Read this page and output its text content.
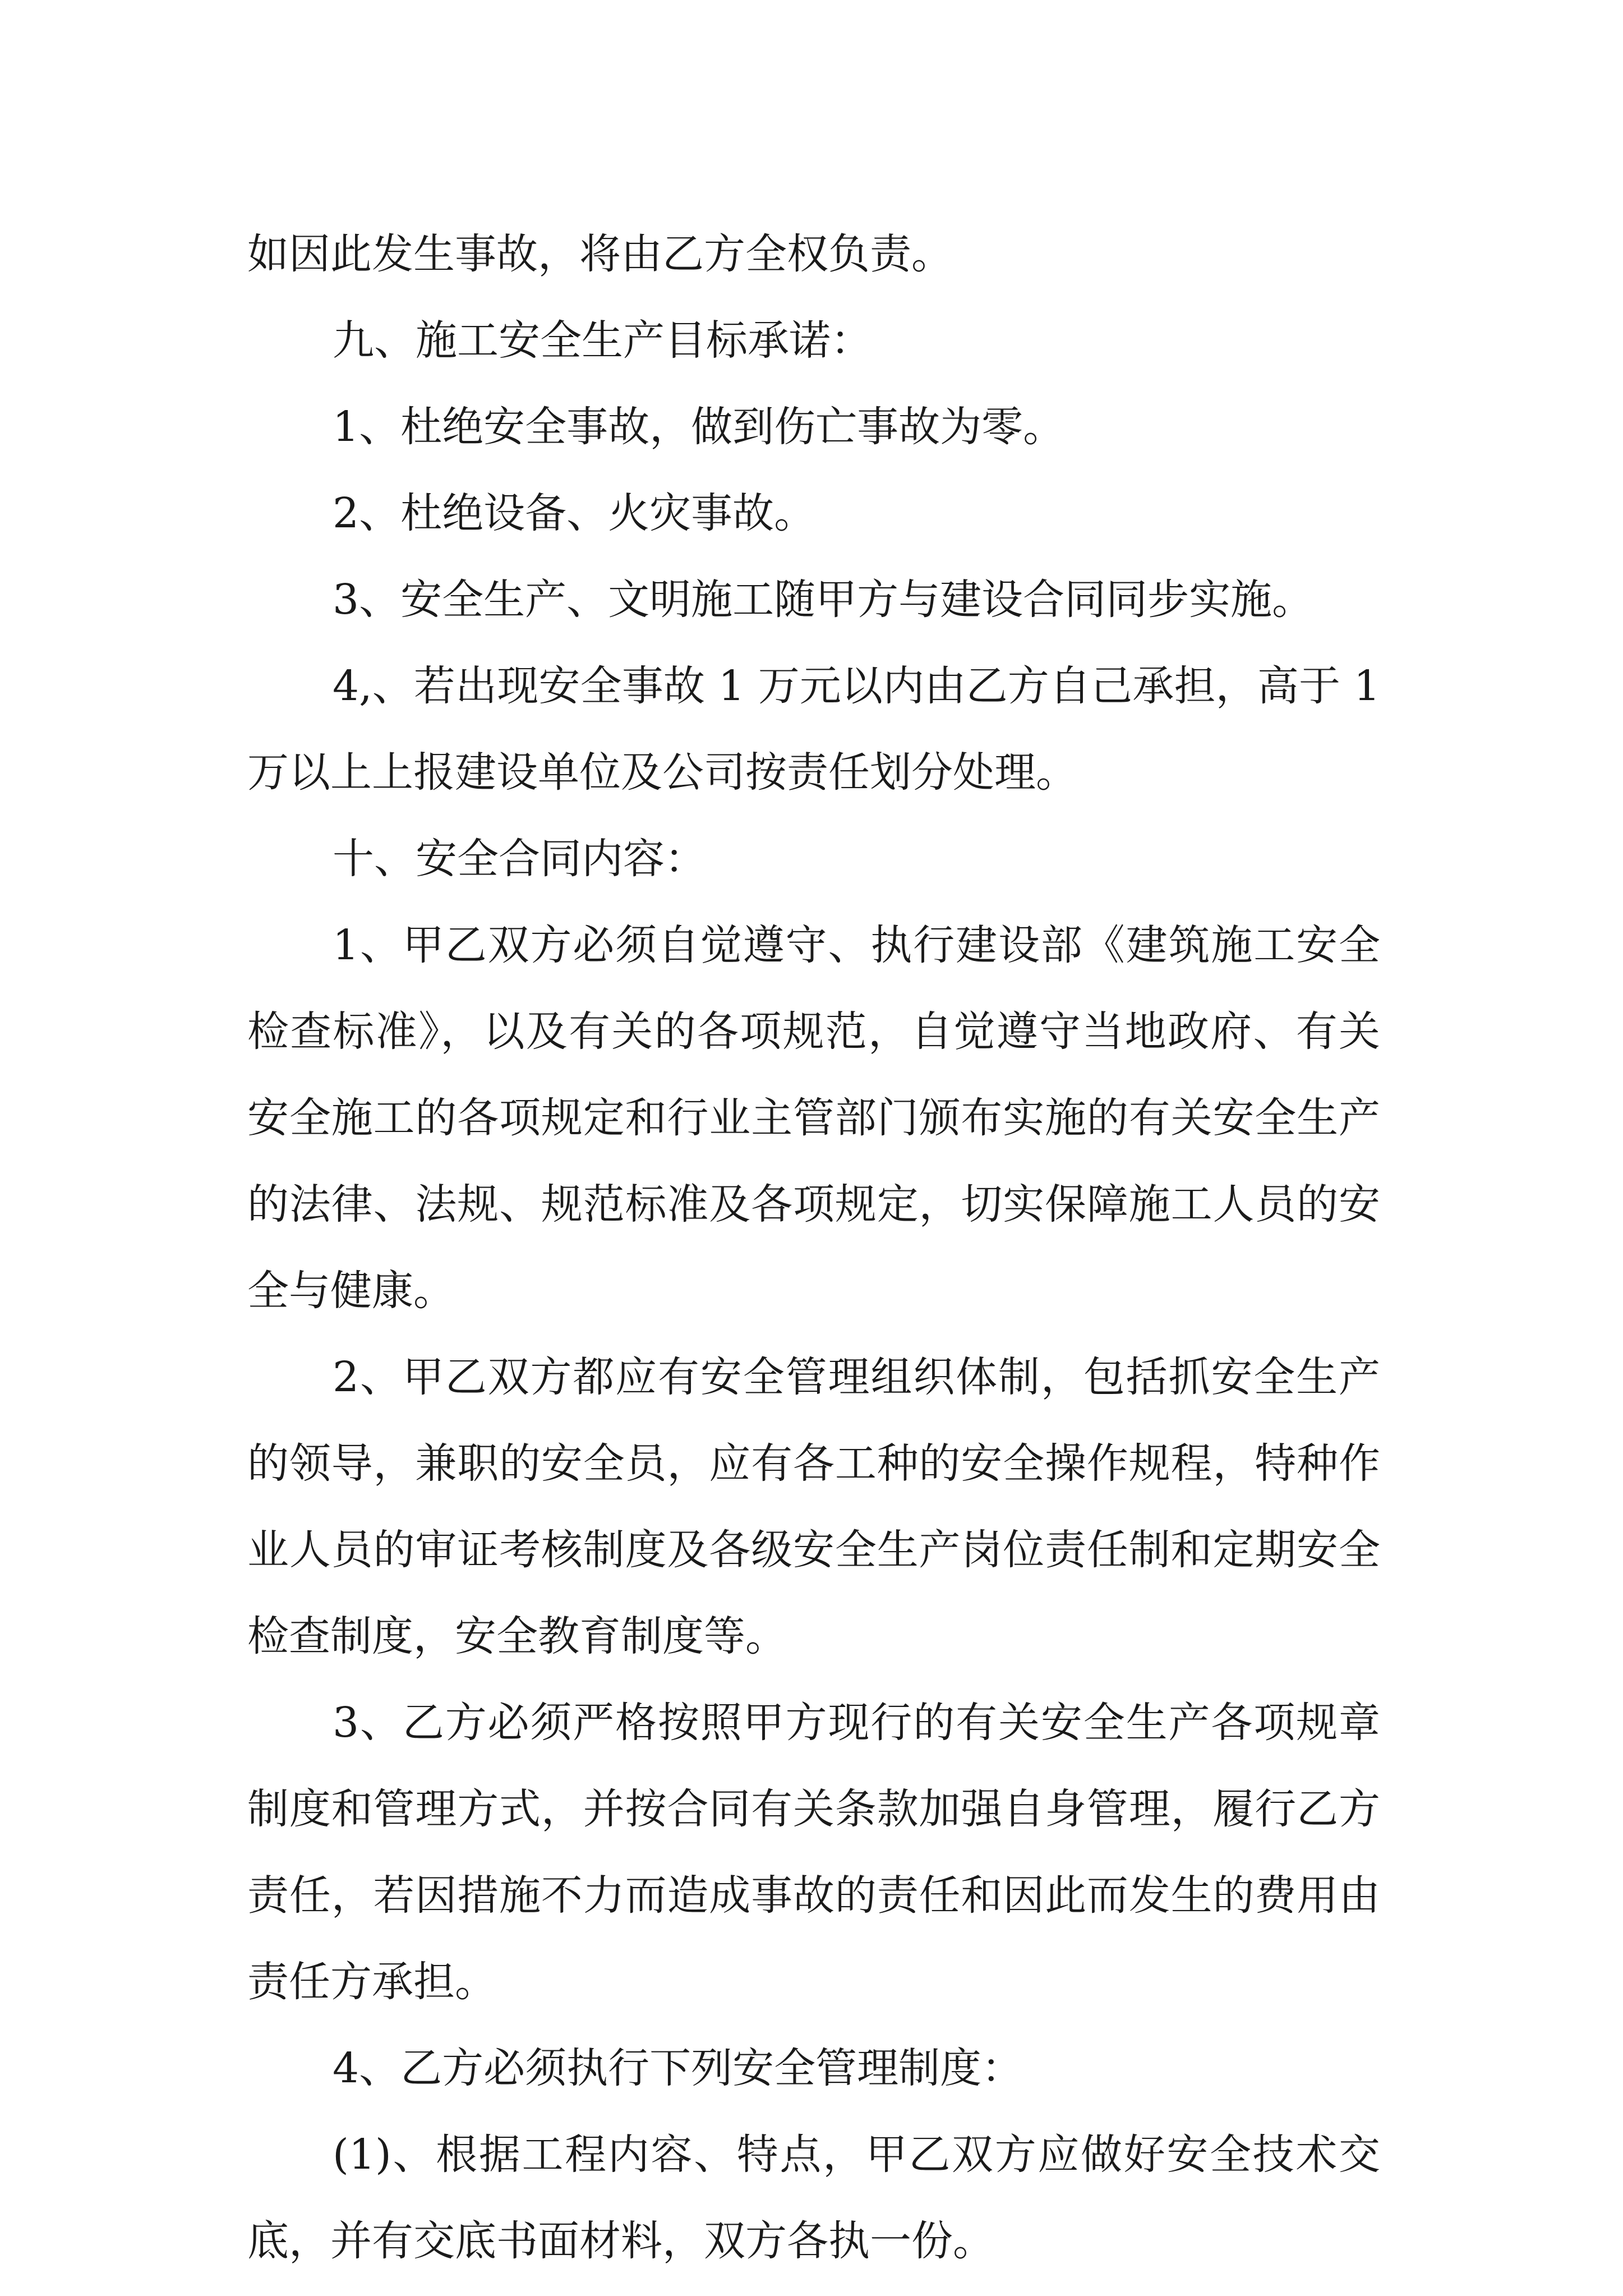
如因此发生事故，将由乙方全权负责。

九、施工安全生产目标承诺：

1、杜绝安全事故，做到伤亡事故为零。

2、杜绝设备、火灾事故。

3、安全生产、文明施工随甲方与建设合同同步实施。

4,、若出现安全事故 1 万元以内由乙方自己承担，高于 1 万以上上报建设单位及公司按责任划分处理。

十、安全合同内容：

1、甲乙双方必须自觉遵守、执行建设部《建筑施工安全检查标准》，以及有关的各项规范，自觉遵守当地政府、有关安全施工的各项规定和行业主管部门颁布实施的有关安全生产的法律、法规、规范标准及各项规定，切实保障施工人员的安全与健康。

2、甲乙双方都应有安全管理组织体制，包括抓安全生产的领导，兼职的安全员，应有各工种的安全操作规程，特种作业人员的审证考核制度及各级安全生产岗位责任制和定期安全检查制度，安全教育制度等。

3、乙方必须严格按照甲方现行的有关安全生产各项规章制度和管理方式，并按合同有关条款加强自身管理，履行乙方责任，若因措施不力而造成事故的责任和因此而发生的费用由责任方承担。

4、乙方必须执行下列安全管理制度：

(1)、根据工程内容、特点，甲乙双方应做好安全技术交底，并有交底书面材料，双方各执一份。
